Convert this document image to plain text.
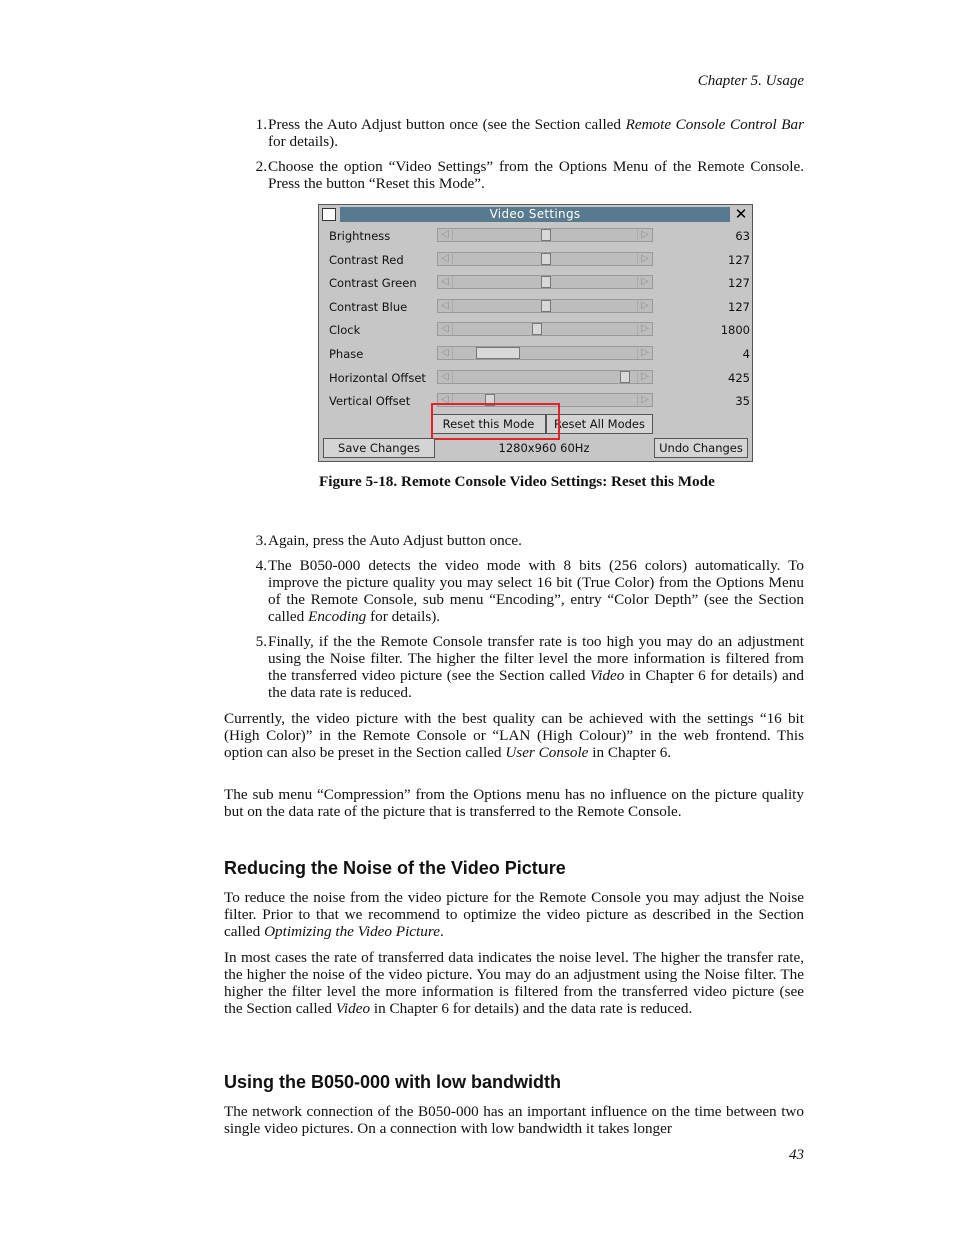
Chapter 5. Usage
1. Press the Auto Adjust button once (see the Section called Remote Console Control Bar for details).
2. Choose the option “Video Settings” from the Options Menu of the Remote Console. Press the button “Reset this Mode”.
Video Settings	✕
Brightness	◁	▷	63
Contrast Red	◁	▷	127
Contrast Green	◁	▷	127
Contrast Blue	◁	▷	127
Clock	◁	▷	1800
Phase	◁	▷	4
Horizontal Offset	◁	▷	425
Vertical Offset	◁	▷	35
Reset this Mode	Reset All Modes
Save Changes	1280x960 60Hz	Undo Changes
Figure 5-18. Remote Console Video Settings: Reset this Mode
3. Again, press the Auto Adjust button once.
4. The B050-000 detects the video mode with 8 bits (256 colors) automatically. To improve the picture quality you may select 16 bit (True Color) from the Options Menu of the Remote Console, sub menu “Encoding”, entry “Color Depth” (see the Section called Encoding for details).
5. Finally, if the the Remote Console transfer rate is too high you may do an adjustment using the Noise filter. The higher the filter level the more information is filtered from the transferred video picture (see the Section called Video in Chapter 6 for details) and the data rate is reduced.
Currently, the video picture with the best quality can be achieved with the settings “16 bit (High Color)” in the Remote Console or “LAN (High Colour)” in the web frontend. This option can also be preset in the Section called User Console in Chapter 6.
The sub menu “Compression” from the Options menu has no influence on the picture quality but on the data rate of the picture that is transferred to the Remote Console.
Reducing the Noise of the Video Picture
To reduce the noise from the video picture for the Remote Console you may adjust the Noise filter. Prior to that we recommend to optimize the video picture as described in the Section called Optimizing the Video Picture.
In most cases the rate of transferred data indicates the noise level. The higher the transfer rate, the higher the noise of the video picture. You may do an adjustment using the Noise filter. The higher the filter level the more information is filtered from the transferred video picture (see the Section called Video in Chapter 6 for details) and the data rate is reduced.
Using the B050-000 with low bandwidth
The network connection of the B050-000 has an important influence on the time between two single video pictures. On a connection with low bandwidth it takes longer
43
